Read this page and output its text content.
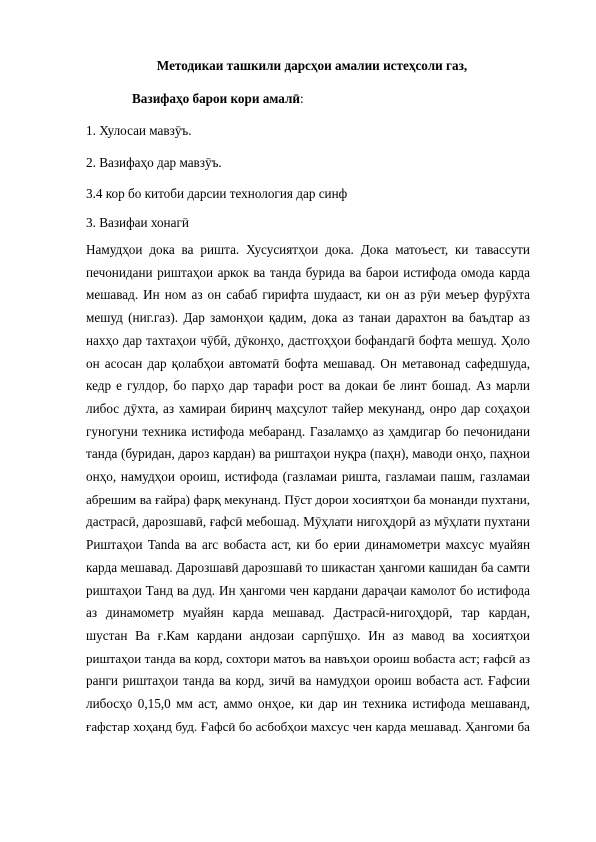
Методикаи ташкили дарсҳои амалии истеҳсоли газ,
Вазифаҳо барои кори амалӣ:
1. Хулосаи мавзӯъ.
2. Вазифаҳо дар мавзӯъ.
3.4 кор бо китоби дарсии технология дар синф
3. Вазифаи хонагӣ
Намудҳои дока ва ришта. Хусусиятҳои дока. Дока матоъест, ки тавассути
печонидани риштаҳои аркок ва танда бурида ва барои истифода омода карда
мешавад. Ин ном аз он сабаб гирифта шудааст, ки он аз рӯи меъер фурӯхта
мешуд (ниг.газ). Дар замонҳои қадим, дока аз танаи дарахтон ва баъдтар аз
нахҳо дар тахтаҳои чӯбӣ, дӯконҳо, дастгоҳҳои бофандагӣ бофта мешуд. Ҳоло
он асосан дар қолабҳои автоматӣ бофта мешавад. Он метавонад сафедшуда,
кедр е гулдор, бо парҳо дар тарафи рост ва докаи бе линт бошад. Аз марли
либос дӯхта, аз хамираи биринҷ маҳсулот тайер мекунанд, онро дар соҳаҳои
гуногуни техника истифода мебаранд. Газаламҳо аз ҳамдигар бо печонидани
танда (буридан, дароз кардан) ва риштаҳои нуқра (паҳн), маводи онҳо, паҳнои
онҳо, намудҳои ороиш, истифода (газламаи ришта, газламаи пашм, газламаи
абрешим ва ғайра) фарқ мекунанд. Пӯст дорои хосиятҳои ба монанди пухтани,
дастрасӣ, дарозшавӣ, ғафсӣ мебошад. Мӯҳлати нигоҳдорӣ аз мӯҳлати пухтани
Риштаҳои Tanda ва arc вобаста аст, ки бо ерии динамометри махсус муайян
карда мешавад. Дарозшавӣ дарозшавӣ то шикастан ҳангоми кашидан ба самти
риштаҳои Танд ва дуд. Ин ҳангоми чен кардани дараҷаи камолот бо истифода
аз динамометр муайян карда мешавад. Дастрасӣ-нигоҳдорӣ, тар кардан,
шустан Ва ғ.Кам кардани андозаи сарпӯшҳо. Ин аз мавод ва хосиятҳои
риштаҳои танда ва корд, сохтори матоъ ва навъҳои ороиш вобаста аст; ғафсӣ аз
ранги риштаҳои танда ва корд, зичӣ ва намудҳои ороиш вобаста аст. Ғафсии
либосҳо 0,15,0 мм аст, аммо онҳое, ки дар ин техника истифода мешаванд,
ғафстар хоҳанд буд. Ғафсӣ бо асбобҳои махсус чен карда мешавад. Ҳангоми ба
